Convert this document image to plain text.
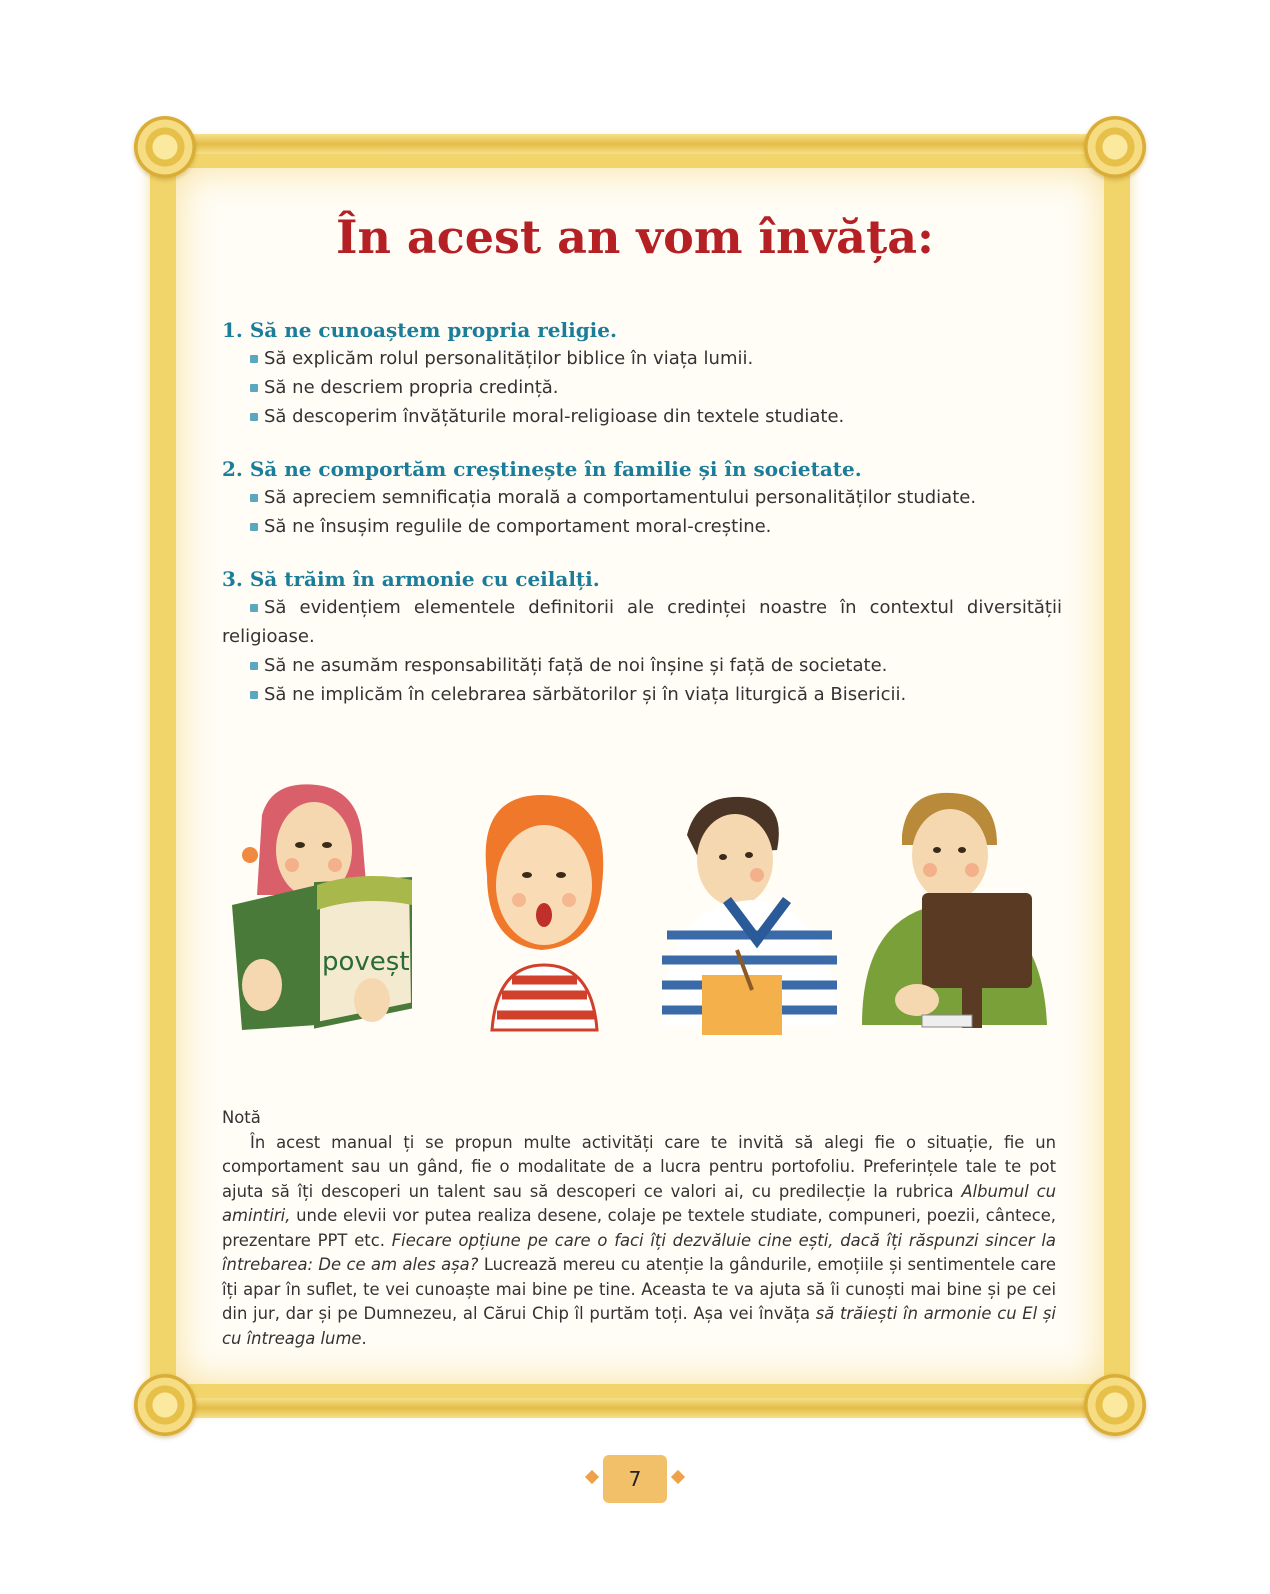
În acest an vom învăța:

1. Să ne cunoaștem propria religie.

Să explicăm rolul personalităților biblice în viața lumii.
Să ne descriem propria credință.
Să descoperim învățăturile moral-religioase din textele studiate.

2. Să ne comportăm creștinește în familie și în societate.

Să apreciem semnificația morală a comportamentului personalităților studiate.
Să ne însușim regulile de comportament moral-creștine.

3. Să trăim în armonie cu ceilalți.

Să evidențiem elementele definitorii ale credinței noastre în contextul diversității religioase.
Să ne asumăm responsabilități față de noi înșine și față de societate.
Să ne implicăm în celebrarea sărbătorilor și în viața liturgică a Bisericii.
povești

Notă

În acest manual ți se propun multe activități care te invită să alegi fie o situație, fie un comportament sau un gând, fie o modalitate de a lucra pentru portofoliu. Preferințele tale te pot ajuta să îți descoperi un talent sau să descoperi ce valori ai, cu predilecție la rubrica Albumul cu amintiri, unde elevii vor putea realiza desene, colaje pe textele studiate, compuneri, poezii, cântece, prezentare PPT etc. Fiecare opțiune pe care o faci îți dezvăluie cine ești, dacă îți răspunzi sincer la întrebarea: De ce am ales așa? Lucrează mereu cu atenție la gândurile, emoțiile și sentimentele care îți apar în suflet, te vei cunoaște mai bine pe tine. Aceasta te va ajuta să îi cunoști mai bine și pe cei din jur, dar și pe Dumnezeu, al Cărui Chip îl purtăm toți. Așa vei învăța să trăiești în armonie cu El și cu întreaga lume.

7
